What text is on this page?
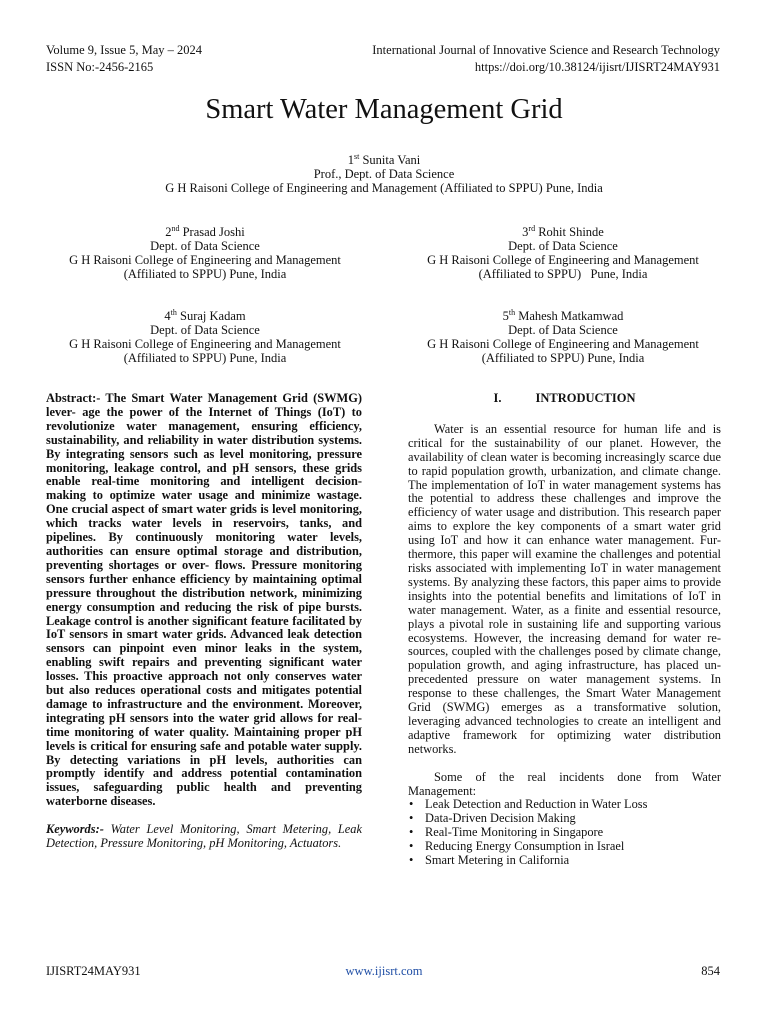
Volume 9, Issue 5, May – 2024
ISSN No:-2456-2165
International Journal of Innovative Science and Research Technology
https://doi.org/10.38124/ijisrt/IJISRT24MAY931
Smart Water Management Grid
1st Sunita Vani
Prof., Dept. of Data Science
G H Raisoni College of Engineering and Management (Affiliated to SPPU) Pune, India
2nd Prasad Joshi
Dept. of Data Science
G H Raisoni College of Engineering and Management
(Affiliated to SPPU) Pune, India
3rd Rohit Shinde
Dept. of Data Science
G H Raisoni College of Engineering and Management
(Affiliated to SPPU)   Pune, India
4th Suraj Kadam
Dept. of Data Science
G H Raisoni College of Engineering and Management
(Affiliated to SPPU) Pune, India
5th Mahesh Matkamwad
Dept. of Data Science
G H Raisoni College of Engineering and Management
(Affiliated to SPPU) Pune, India

Abstract:- The Smart Water Management Grid (SWMG) lever- age the power of the Internet of Things (IoT) to revolutionize water management, ensuring efficiency, sustainability, and reliability in water distribution systems. By integrating sensors such as level monitoring, pressure monitoring, leakage control, and pH sensors, these grids enable real-time monitoring and intelligent decision-making to optimize water usage and minimize wastage. One crucial aspect of smart water grids is level monitoring, which tracks water levels in reservoirs, tanks, and pipelines. By continuously monitoring water levels, authorities can ensure optimal storage and distribution, preventing shortages or over- flows. Pressure monitoring sensors further enhance efficiency by maintaining optimal pressure throughout the distribution network, minimizing energy consumption and reducing the risk of pipe bursts. Leakage control is another significant feature facilitated by IoT sensors in smart water grids. Advanced leak detection sensors can pinpoint even minor leaks in the system, enabling swift repairs and preventing significant water losses. This proactive approach not only conserves water but also reduces operational costs and mitigates potential damage to infrastructure and the environment. Moreover, integrating pH sensors into the water grid allows for real-time monitoring of water quality. Maintaining proper pH levels is critical for ensuring safe and potable water supply. By detecting variations in pH levels, authorities can promptly identify and address potential contamination issues, safeguarding public health and preventing waterborne diseases.

Keywords:- Water Level Monitoring, Smart Metering, Leak Detection, Pressure Monitoring, pH Monitoring, Actuators.

I.	INTRODUCTION

Water is an essential resource for human life and is critical for the sustainability of our planet. However, the availability of clean water is becoming increasingly scarce due to rapid population growth, urbanization, and climate change. The implementation of IoT in water management systems has the potential to address these challenges and improve the efficiency of water usage and distribution. This research paper aims to explore the key components of a smart water grid using IoT and how it can enhance water management. Fur- thermore, this paper will examine the challenges and potential risks associated with implementing IoT in water management systems. By analyzing these factors, this paper aims to provide insights into the potential benefits and limitations of IoT in water management. Water, as a finite and essential resource, plays a pivotal role in sustaining life and supporting various ecosystems. However, the increasing demand for water re- sources, coupled with the challenges posed by climate change, population growth, and aging infrastructure, has placed un- precedented pressure on water management systems. In response to these challenges, the Smart Water Management Grid (SWMG) emerges as a transformative solution, leveraging advanced technologies to create an intelligent and adaptive framework for optimizing water distribution networks.

Some of the real incidents done from Water Management:

• Leak Detection and Reduction in Water Loss
• Data-Driven Decision Making
• Real-Time Monitoring in Singapore
• Reducing Energy Consumption in Israel
• Smart Metering in California
IJISRT24MAY931	www.ijisrt.com	854
